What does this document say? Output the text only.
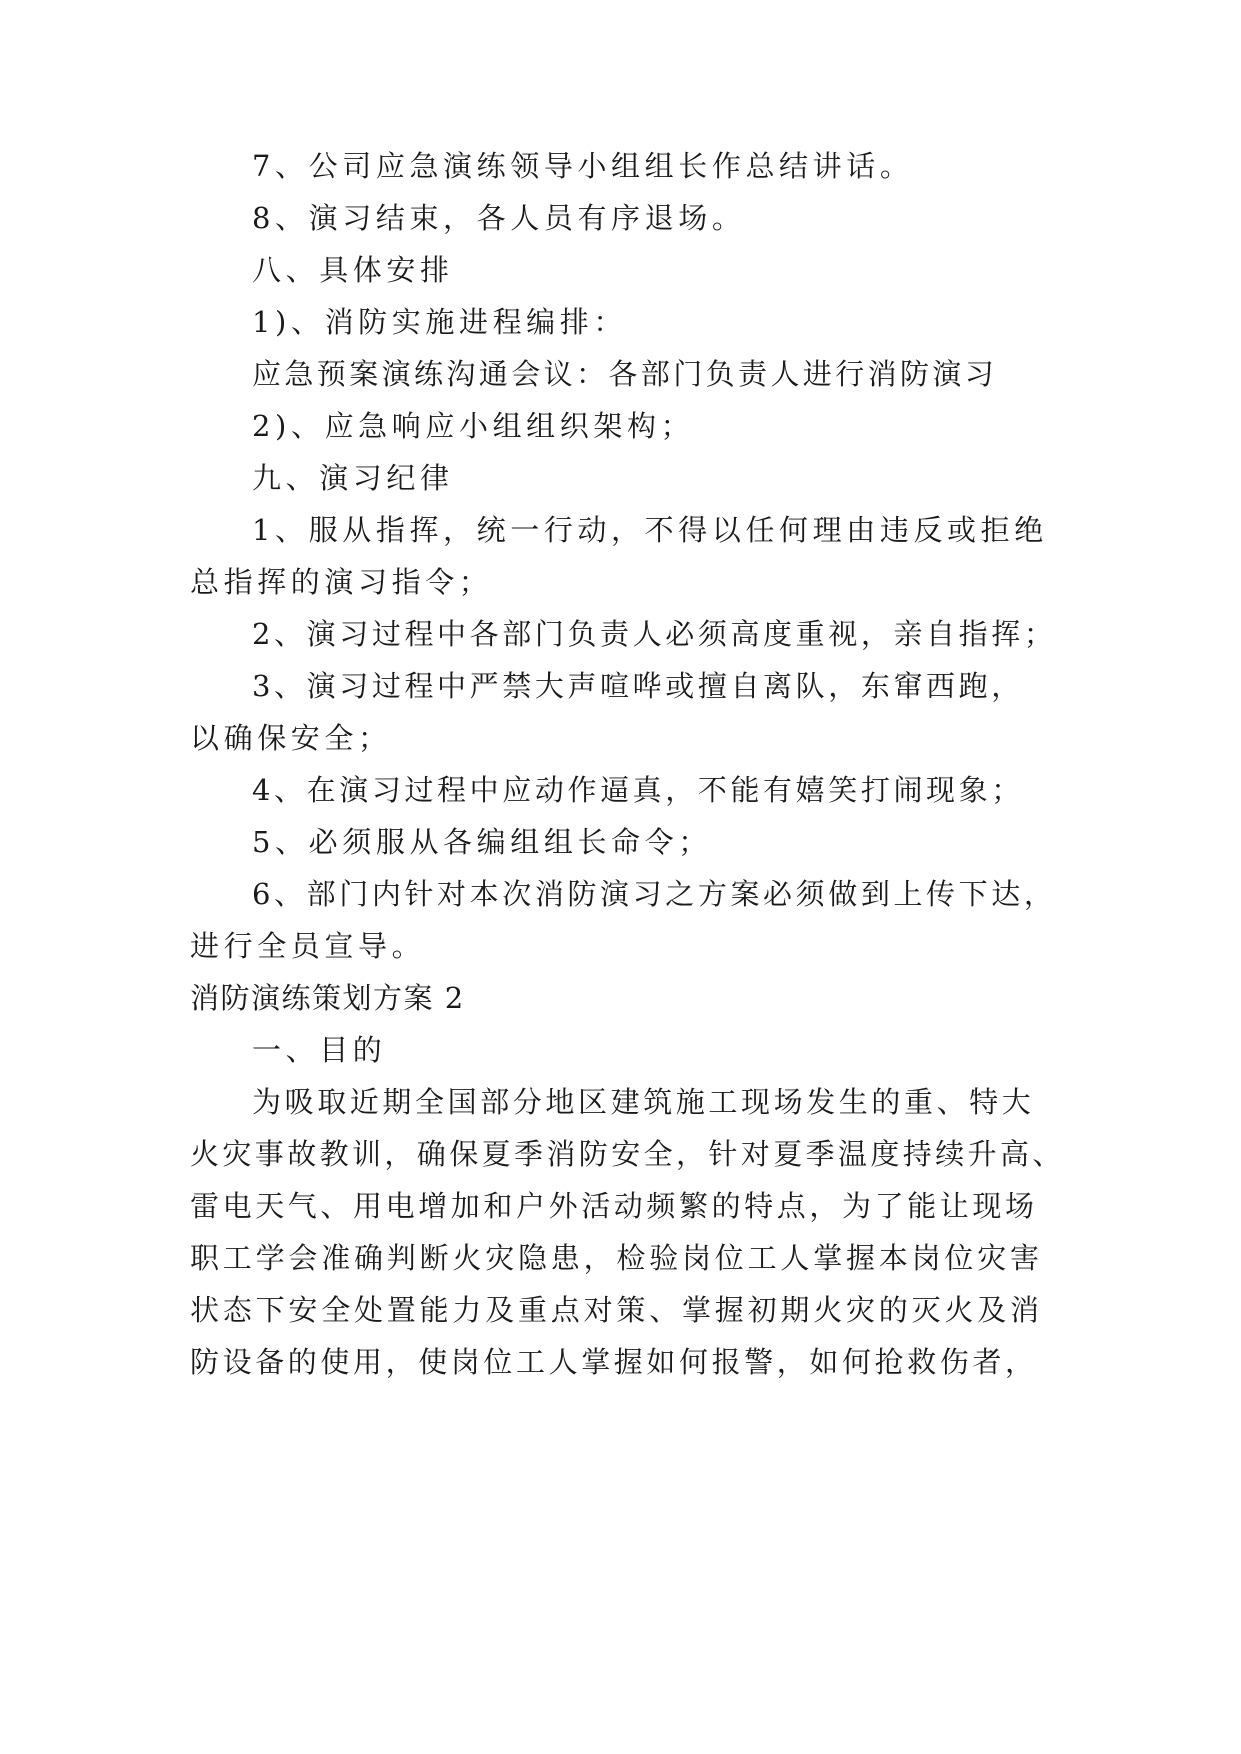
7、公司应急演练领导小组组长作总结讲话。

8、演习结束，各人员有序退场。

八、具体安排

1)、消防实施进程编排：

应急预案演练沟通会议：各部门负责人进行消防演习

2)、应急响应小组组织架构；

九、演习纪律

1、服从指挥，统一行动，不得以任何理由违反或拒绝

总指挥的演习指令；

2、演习过程中各部门负责人必须高度重视，亲自指挥；

3、演习过程中严禁大声喧哗或擅自离队，东窜西跑，

以确保安全；

4、在演习过程中应动作逼真，不能有嬉笑打闹现象；

5、必须服从各编组组长命令；

6、部门内针对本次消防演习之方案必须做到上传下达，

进行全员宣导。

消防演练策划方案 2

一、目的

为吸取近期全国部分地区建筑施工现场发生的重、特大

火灾事故教训，确保夏季消防安全，针对夏季温度持续升高、

雷电天气、用电增加和户外活动频繁的特点，为了能让现场

职工学会准确判断火灾隐患，检验岗位工人掌握本岗位灾害

状态下安全处置能力及重点对策、掌握初期火灾的灭火及消

防设备的使用，使岗位工人掌握如何报警，如何抢救伤者，
